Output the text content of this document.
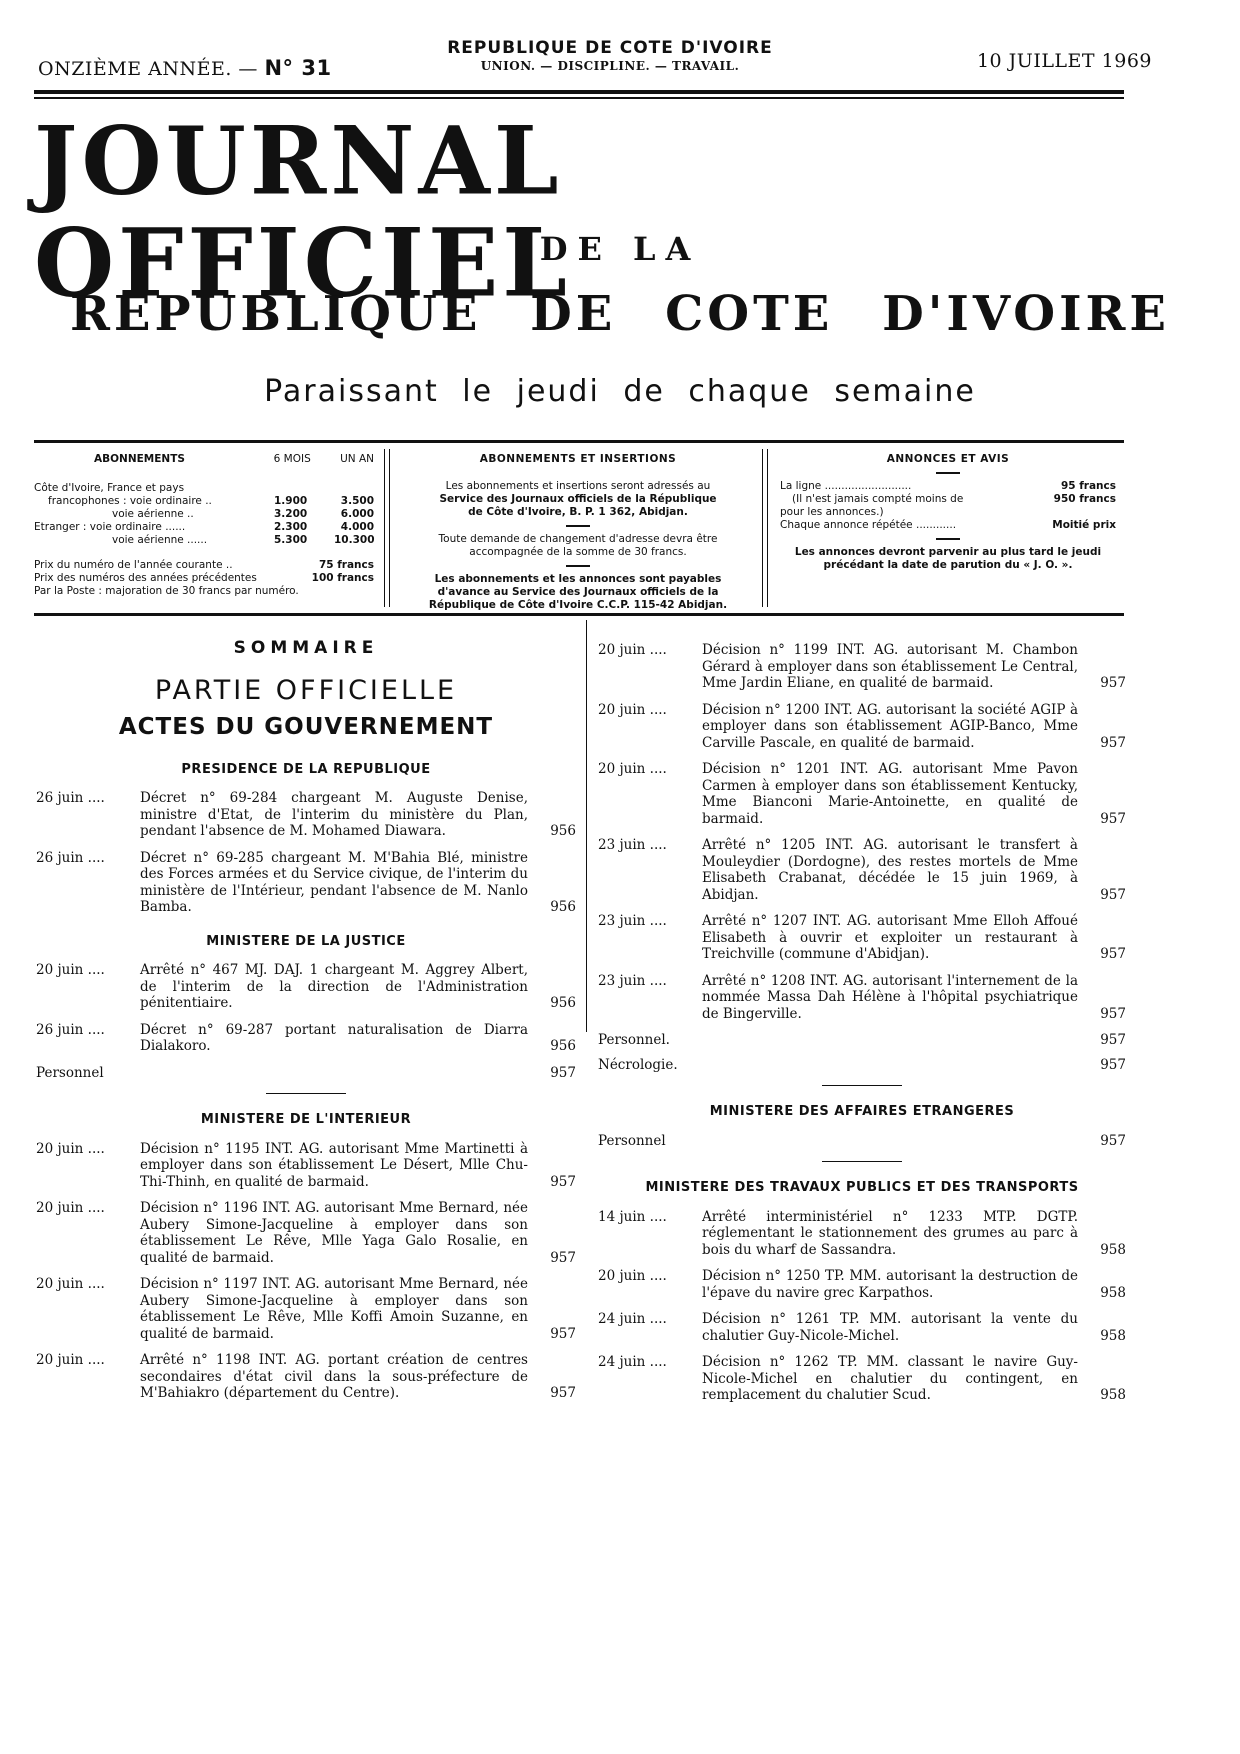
ONZIÈME ANNÉE. — N° 31
REPUBLIQUE DE COTE D'IVOIRE
UNION. — DISCIPLINE. — TRAVAIL.	10 JUILLET 1969
JOURNAL OFFICIEL
DE LA
REPUBLIQUE DE COTE D'IVOIRE
Paraissant le jeudi de chaque semaine
ABONNEMENTS	6 MOIS	UN AN
Côte d'Ivoire, France et pays
francophones : voie ordinaire ..	1.900	3.500
voie aérienne ..	3.200	6.000
Etranger : voie ordinaire ......	2.300	4.000
voie aérienne ......	5.300	10.300
Prix du numéro de l'année courante ..	75 francs
Prix des numéros des années précédentes	100 francs
Par la Poste : majoration de 30 francs par numéro.
ABONNEMENTS ET INSERTIONS
Les abonnements et insertions seront adressés au
Service des Journaux officiels de la République
de Côte d'Ivoire, B. P. 1 362, Abidjan.
Toute demande de changement d'adresse devra être
accompagnée de la somme de 30 francs.
Les abonnements et les annonces sont payables
d'avance au Service des Journaux officiels de la
République de Côte d'Ivoire C.C.P. 115-42 Abidjan.
ANNONCES ET AVIS
La ligne ..........................	95 francs
(Il n'est jamais compté moins de	950 francs
pour les annonces.)
Chaque annonce répétée ............	Moitié prix
Les annonces devront parvenir au plus tard le jeudi
précédant la date de parution du « J. O. ».
SOMMAIRE
PARTIE OFFICIELLE
ACTES DU GOUVERNEMENT
PRESIDENCE DE LA REPUBLIQUE
26 juin ....	Décret n° 69-284 chargeant M. Auguste Denise, ministre d'Etat, de l'interim du ministère du Plan, pendant l'absence de M. Mohamed Diawara.	956
26 juin ....	Décret n° 69-285 chargeant M. M'Bahia Blé, ministre des Forces armées et du Service civique, de l'interim du ministère de l'Intérieur, pendant l'absence de M. Nanlo Bamba.	956
MINISTERE DE LA JUSTICE
20 juin ....	Arrêté n° 467 MJ. DAJ. 1 chargeant M. Aggrey Albert, de l'interim de la direction de l'Administration pénitentiaire.	956
26 juin ....	Décret n° 69-287 portant naturalisation de Diarra Dialakoro.	956
Personnel	957
MINISTERE DE L'INTERIEUR
20 juin ....	Décision n° 1195 INT. AG. autorisant Mme Martinetti à employer dans son établissement Le Désert, Mlle Chu-Thi-Thinh, en qualité de barmaid.	957
20 juin ....	Décision n° 1196 INT. AG. autorisant Mme Bernard, née Aubery Simone-Jacqueline à employer dans son établissement Le Rêve, Mlle Yaga Galo Rosalie, en qualité de barmaid.	957
20 juin ....	Décision n° 1197 INT. AG. autorisant Mme Bernard, née Aubery Simone-Jacqueline à employer dans son établissement Le Rêve, Mlle Koffi Amoin Suzanne, en qualité de barmaid.	957
20 juin ....	Arrêté n° 1198 INT. AG. portant création de centres secondaires d'état civil dans la sous-préfecture de M'Bahiakro (département du Centre).	957
20 juin ....	Décision n° 1199 INT. AG. autorisant M. Chambon Gérard à employer dans son établissement Le Central, Mme Jardin Eliane, en qualité de barmaid.	957
20 juin ....	Décision n° 1200 INT. AG. autorisant la société AGIP à employer dans son établissement AGIP-Banco, Mme Carville Pascale, en qualité de barmaid.	957
20 juin ....	Décision n° 1201 INT. AG. autorisant Mme Pavon Carmen à employer dans son établissement Kentucky, Mme Bianconi Marie-Antoinette, en qualité de barmaid.	957
23 juin ....	Arrêté n° 1205 INT. AG. autorisant le transfert à Mouleydier (Dordogne), des restes mortels de Mme Elisabeth Crabanat, décédée le 15 juin 1969, à Abidjan.	957
23 juin ....	Arrêté n° 1207 INT. AG. autorisant Mme Elloh Affoué Elisabeth à ouvrir et exploiter un restaurant à Treichville (commune d'Abidjan).	957
23 juin ....	Arrêté n° 1208 INT. AG. autorisant l'internement de la nommée Massa Dah Hélène à l'hôpital psychiatrique de Bingerville.	957
Personnel.	957
Nécrologie.	957
MINISTERE DES AFFAIRES ETRANGERES
Personnel	957
MINISTERE DES TRAVAUX PUBLICS ET DES TRANSPORTS
14 juin ....	Arrêté interministériel n° 1233 MTP. DGTP. réglementant le stationnement des grumes au parc à bois du wharf de Sassandra.	958
20 juin ....	Décision n° 1250 TP. MM. autorisant la destruction de l'épave du navire grec Karpathos.	958
24 juin ....	Décision n° 1261 TP. MM. autorisant la vente du chalutier Guy-Nicole-Michel.	958
24 juin ....	Décision n° 1262 TP. MM. classant le navire Guy-Nicole-Michel en chalutier du contingent, en remplacement du chalutier Scud.	958
